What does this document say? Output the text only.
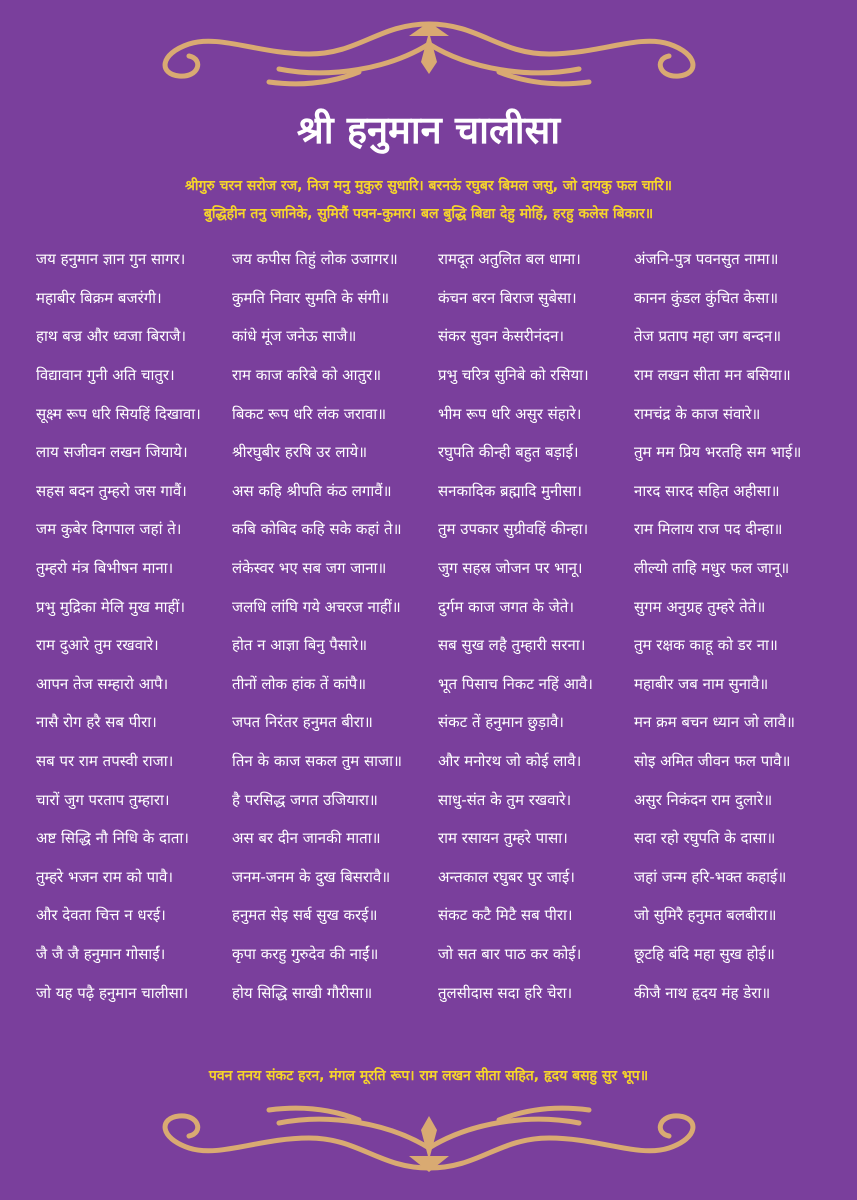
श्री हनुमान चालीसा
श्रीगुरु चरन सरोज रज, निज मनु मुकुरु सुधारि। बरनऊं रघुबर बिमल जसु, जो दायकु फल चारि॥
बुद्धिहीन तनु जानिके, सुमिरौं पवन-कुमार। बल बुद्धि बिद्या देहु मोहिं, हरहु कलेस बिकार॥
जय हनुमान ज्ञान गुन सागर।	जय कपीस तिहुं लोक उजागर॥	रामदूत अतुलित बल धामा।	अंजनि-पुत्र पवनसुत नामा॥
महाबीर बिक्रम बजरंगी।	कुमति निवार सुमति के संगी॥	कंचन बरन बिराज सुबेसा।	कानन कुंडल कुंचित केसा॥
हाथ बज्र और ध्वजा बिराजै।	कांधे मूंज जनेऊ साजै॥	संकर सुवन केसरीनंदन।	तेज प्रताप महा जग बन्दन॥
विद्यावान गुनी अति चातुर।	राम काज करिबे को आतुर॥	प्रभु चरित्र सुनिबे को रसिया।	राम लखन सीता मन बसिया॥
सूक्ष्म रूप धरि सियहिं दिखावा।	बिकट रूप धरि लंक जरावा॥	भीम रूप धरि असुर संहारे।	रामचंद्र के काज संवारे॥
लाय सजीवन लखन जियाये।	श्रीरघुबीर हरषि उर लाये॥	रघुपति कीन्ही बहुत बड़ाई।	तुम मम प्रिय भरतहि सम भाई॥
सहस बदन तुम्हरो जस गावैं।	अस कहि श्रीपति कंठ लगावैं॥	सनकादिक ब्रह्मादि मुनीसा।	नारद सारद सहित अहीसा॥
जम कुबेर दिगपाल जहां ते।	कबि कोबिद कहि सके कहां ते॥	तुम उपकार सुग्रीवहिं कीन्हा।	राम मिलाय राज पद दीन्हा॥
तुम्हरो मंत्र बिभीषन माना।	लंकेस्वर भए सब जग जाना॥	जुग सहस्र जोजन पर भानू।	लील्यो ताहि मधुर फल जानू॥
प्रभु मुद्रिका मेलि मुख माहीं।	जलधि लांघि गये अचरज नाहीं॥	दुर्गम काज जगत के जेते।	सुगम अनुग्रह तुम्हरे तेते॥
राम दुआरे तुम रखवारे।	होत न आज्ञा बिनु पैसारे॥	सब सुख लहै तुम्हारी सरना।	तुम रक्षक काहू को डर ना॥
आपन तेज सम्हारो आपै।	तीनों लोक हांक तें कांपै॥	भूत पिसाच निकट नहिं आवै।	महाबीर जब नाम सुनावै॥
नासै रोग हरै सब पीरा।	जपत निरंतर हनुमत बीरा॥	संकट तें हनुमान छुड़ावै।	मन क्रम बचन ध्यान जो लावै॥
सब पर राम तपस्वी राजा।	तिन के काज सकल तुम साजा॥	और मनोरथ जो कोई लावै।	सोइ अमित जीवन फल पावै॥
चारों जुग परताप तुम्हारा।	है परसिद्ध जगत उजियारा॥	साधु-संत के तुम रखवारे।	असुर निकंदन राम दुलारे॥
अष्ट सिद्धि नौ निधि के दाता।	अस बर दीन जानकी माता॥	राम रसायन तुम्हरे पासा।	सदा रहो रघुपति के दासा॥
तुम्हरे भजन राम को पावै।	जनम-जनम के दुख बिसरावै॥	अन्तकाल रघुबर पुर जाई।	जहां जन्म हरि-भक्त कहाई॥
और देवता चित्त न धरई।	हनुमत सेइ सर्ब सुख करई॥	संकट कटै मिटै सब पीरा।	जो सुमिरै हनुमत बलबीरा॥
जै जै जै हनुमान गोसाईं।	कृपा करहु गुरुदेव की नाईं॥	जो सत बार पाठ कर कोई।	छूटहि बंदि महा सुख होई॥
जो यह पढ़ै हनुमान चालीसा।	होय सिद्धि साखी गौरीसा॥	तुलसीदास सदा हरि चेरा।	कीजै नाथ हृदय मंह डेरा॥
पवन तनय संकट हरन, मंगल मूरति रूप। राम लखन सीता सहित, हृदय बसहु सुर भूप॥
